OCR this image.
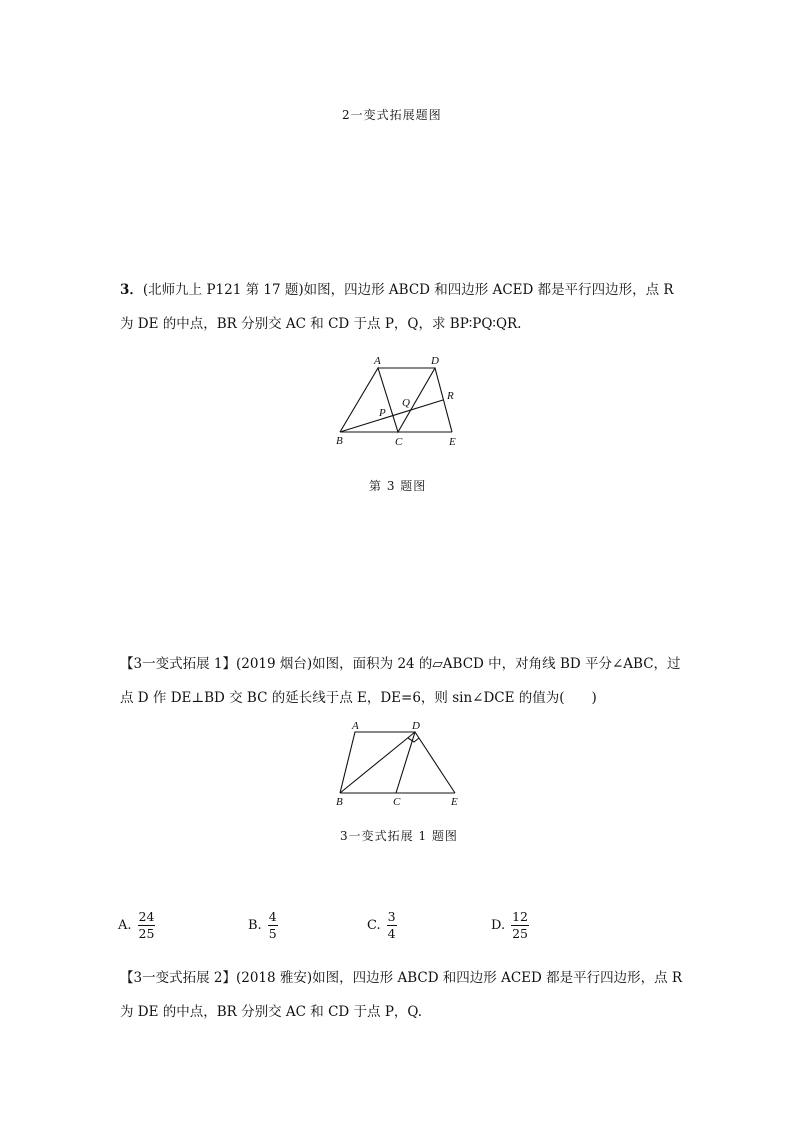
2一变式拓展题图
3．(北师九上 P121 第 17 题)如图，四边形 ABCD 和四边形 ACED 都是平行四边形，点 R
为 DE 的中点，BR 分别交 AC 和 CD 于点 P，Q，求 BP∶PQ∶QR.
A	D
R
P
Q
B	C	E
第 3 题图
【3一变式拓展 1】(2019 烟台)如图，面积为 24 的▱ABCD 中，对角线 BD 平分∠ABC，过
点 D 作 DE⊥BD 交 BC 的延长线于点 E，DE=6，则 sin∠DCE 的值为(　　)
A	D
B	C	E
3一变式拓展 1 题图
A. $\frac{24}{25}$	B. $\frac{4}{5}$	C. $\frac{3}{4}$	D. $\frac{12}{25}$
【3一变式拓展 2】(2018 雅安)如图，四边形 ABCD 和四边形 ACED 都是平行四边形，点 R
为 DE 的中点，BR 分别交 AC 和 CD 于点 P，Q.
